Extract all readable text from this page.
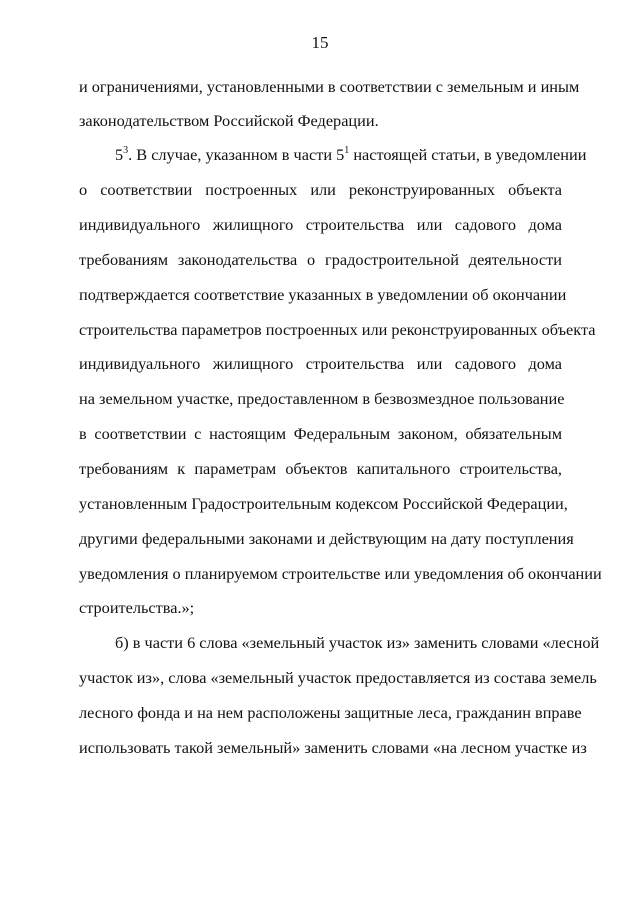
15
и ограничениями, установленными в соответствии с земельным и иным
законодательством Российской Федерации.
$5^3$. В случае, указанном в части $5^1$ настоящей статьи, в уведомлении
о соответствии построенных или реконструированных объекта
индивидуального жилищного строительства или садового дома
требованиям законодательства о градостроительной деятельности
подтверждается соответствие указанных в уведомлении об окончании
строительства параметров построенных или реконструированных объекта
индивидуального жилищного строительства или садового дома
на земельном участке, предоставленном в безвозмездное пользование
в соответствии с настоящим Федеральным законом, обязательным
требованиям к параметрам объектов капитального строительства,
установленным Градостроительным кодексом Российской Федерации,
другими федеральными законами и действующим на дату поступления
уведомления о планируемом строительстве или уведомления об окончании
строительства.»;
б) в части 6 слова «земельный участок из» заменить словами «лесной
участок из», слова «земельный участок предоставляется из состава земель
лесного фонда и на нем расположены защитные леса, гражданин вправе
использовать такой земельный» заменить словами «на лесном участке из
